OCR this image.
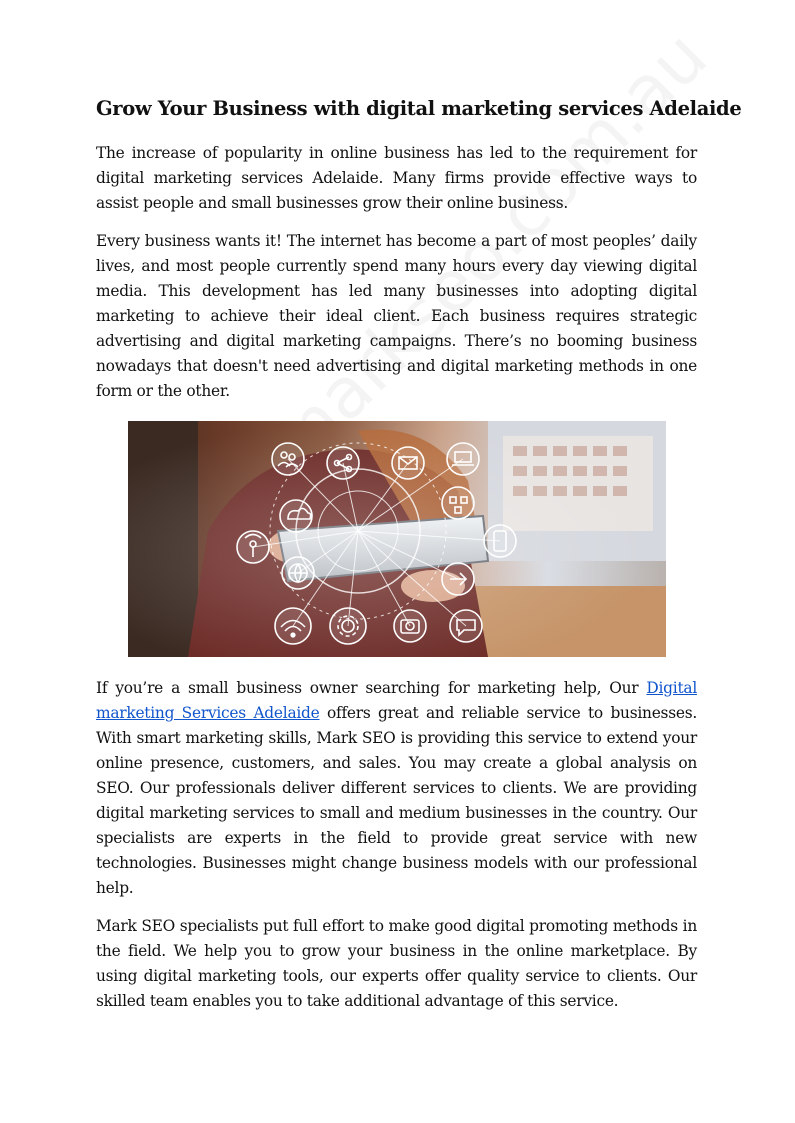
Grow Your Business with digital marketing services Adelaide

The increase of popularity in online business has led to the requirement for digital marketing services Adelaide. Many firms provide effective ways to assist people and small businesses grow their online business.

Every business wants it! The internet has become a part of most peoples’ daily lives, and most people currently spend many hours every day viewing digital media. This development has led many businesses into adopting digital marketing to achieve their ideal client. Each business requires strategic advertising and digital marketing campaigns. There’s no booming business nowadays that doesn't need advertising and digital marketing methods in one form or the other.

If you’re a small business owner searching for marketing help, Our Digital marketing Services Adelaide offers great and reliable service to businesses. With smart marketing skills, Mark SEO is providing this service to extend your online presence, customers, and sales. You may create a global analysis on SEO. Our professionals deliver different services to clients. We are providing digital marketing services to small and medium businesses in the country. Our specialists are experts in the field to provide great service with new technologies. Businesses might change business models with our professional help.

Mark SEO specialists put full effort to make good digital promoting methods in the field. We help you to grow your business in the online marketplace. By using digital marketing tools, our experts offer quality service to clients. Our skilled team enables you to take additional advantage of this service.
